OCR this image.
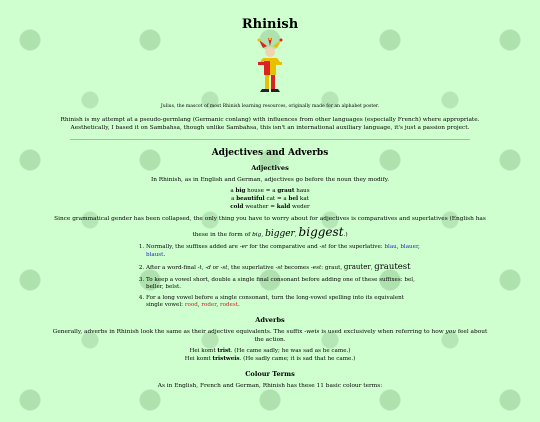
Rhinish
Julius, the mascot of most Rhinish learning resources, originally made for an alphabet poster.

Rhinish is my attempt at a pseudo-germlang (Germanic conlang) with influences from other languages (especially French) where appropriate. Aesthetically, I based it on Sambahsa, though unlike Sambahsa, this isn't an international auxiliary language, it's just a passion project.

Adjectives and Adverbs
Adjectives
In Rhinish, as in English and German, adjectives go before the noun they modify.
a big house = a graut haus
a beautiful cat = a bel kat
cold weather = kald weder
Since grammatical gender has been collapsed, the only thing you have to worry about for adjectives is comparatives and superlatives (English has these in the form of big, bigger, biggest.)
1. Normally, the suffixes added are -er for the comparative and -st for the superlative: blau, blauer, blaust.
2. After a word-final -t, -d or -st, the superlative -st becomes -est: graut, grauter, grautest
3. To keep a vowel short, double a single final consonant before adding one of these suffixes: bel, beller, belst.
4. For a long vowel before a single consonant, turn the long-vowel spelling into its equivalent single vowel: rood, roder, rodest.
Adverbs
Generally, adverbs in Rhinish look the same as their adjective equivalents. The suffix -weis is used exclusively when referring to how you feel about the action.
Hei komt trist. (He came sadly; he was sad as he came.)
Hei komt tristweis. (He sadly came; it is sad that he came.)
Colour Terms
As in English, French and German, Rhinish has these 11 basic colour terms:
